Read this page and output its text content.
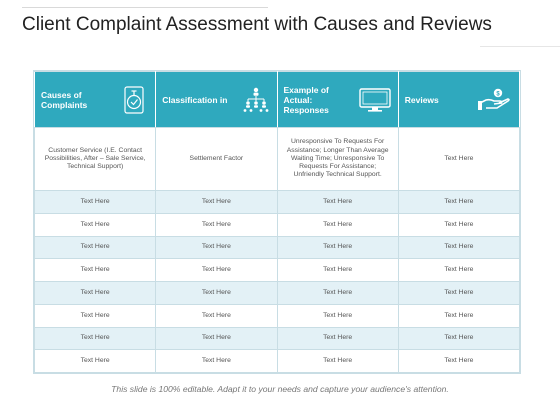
Client Complaint Assessment with Causes and Reviews
Causes of Complaints	Classification in	Example of Actual: Responses	Reviews
$

Customer Service (I.E. Contact Possibilities, After – Sale Service, Technical Support)	Settlement Factor	Unresponsive To Requests For Assistance; Longer Than Average Waiting Time; Unresponsive To Requests For Assistance; Unfriendly Technical Support.	Text Here
Text Here	Text Here	Text Here	Text Here
Text Here	Text Here	Text Here	Text Here
Text Here	Text Here	Text Here	Text Here
Text Here	Text Here	Text Here	Text Here
Text Here	Text Here	Text Here	Text Here
Text Here	Text Here	Text Here	Text Here
Text Here	Text Here	Text Here	Text Here
Text Here	Text Here	Text Here	Text Here
This slide is 100% editable. Adapt it to your needs and capture your audience's attention.
